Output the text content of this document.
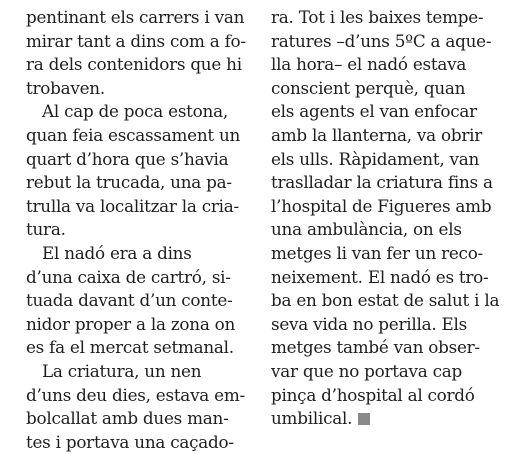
pentinant els carrers i van
mirar tant a dins com a fo-
ra dels contenidors que hi
trobaven.
Al cap de poca estona,
quan feia escassament un
quart d’hora que s’havia
rebut la trucada, una pa-
trulla va localitzar la cria-
tura.
El nadó era a dins
d’una caixa de cartró, si-
tuada davant d’un conte-
nidor proper a la zona on
es fa el mercat setmanal.
La criatura, un nen
d’uns deu dies, estava em-
bolcallat amb dues man-
tes i portava una caçado-
ra. Tot i les baixes tempe-
ratures –d’uns 5ºC a aque-
lla hora– el nadó estava
conscient perquè, quan
els agents el van enfocar
amb la llanterna, va obrir
els ulls. Ràpidament, van
traslladar la criatura fins a
l’hospital de Figueres amb
una ambulància, on els
metges li van fer un reco-
neixement. El nadó es tro-
ba en bon estat de salut i la
seva vida no perilla. Els
metges també van obser-
var que no portava cap
pinça d’hospital al cordó
umbilical.
